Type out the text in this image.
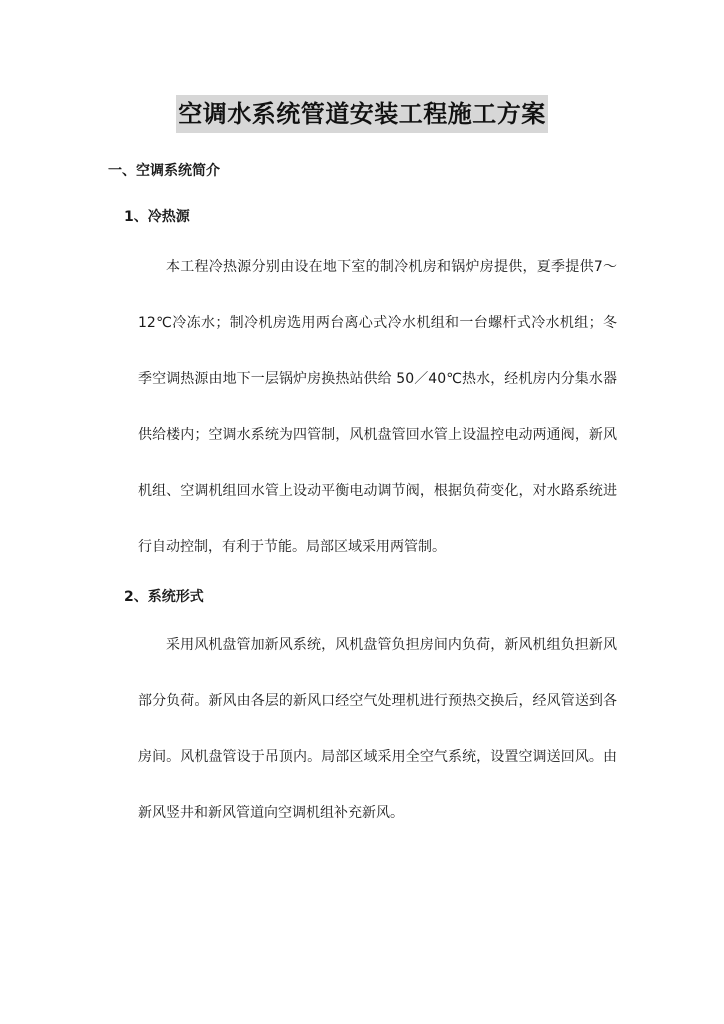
空调水系统管道安装工程施工方案
一、空调系统简介
1、冷热源

本工程冷热源分别由设在地下室的制冷机房和锅炉房提供，夏季提供7～12℃冷冻水；制冷机房选用两台离心式冷水机组和一台螺杆式冷水机组；冬季空调热源由地下一层锅炉房换热站供给 50／40℃热水，经机房内分集水器供给楼内；空调水系统为四管制，风机盘管回水管上设温控电动两通阀，新风机组、空调机组回水管上设动平衡电动调节阀，根据负荷变化，对水路系统进行自动控制，有利于节能。局部区域采用两管制。

2、系统形式

采用风机盘管加新风系统，风机盘管负担房间内负荷，新风机组负担新风部分负荷。新风由各层的新风口经空气处理机进行预热交换后，经风管送到各房间。风机盘管设于吊顶内。局部区域采用全空气系统，设置空调送回风。由新风竖井和新风管道向空调机组补充新风。
